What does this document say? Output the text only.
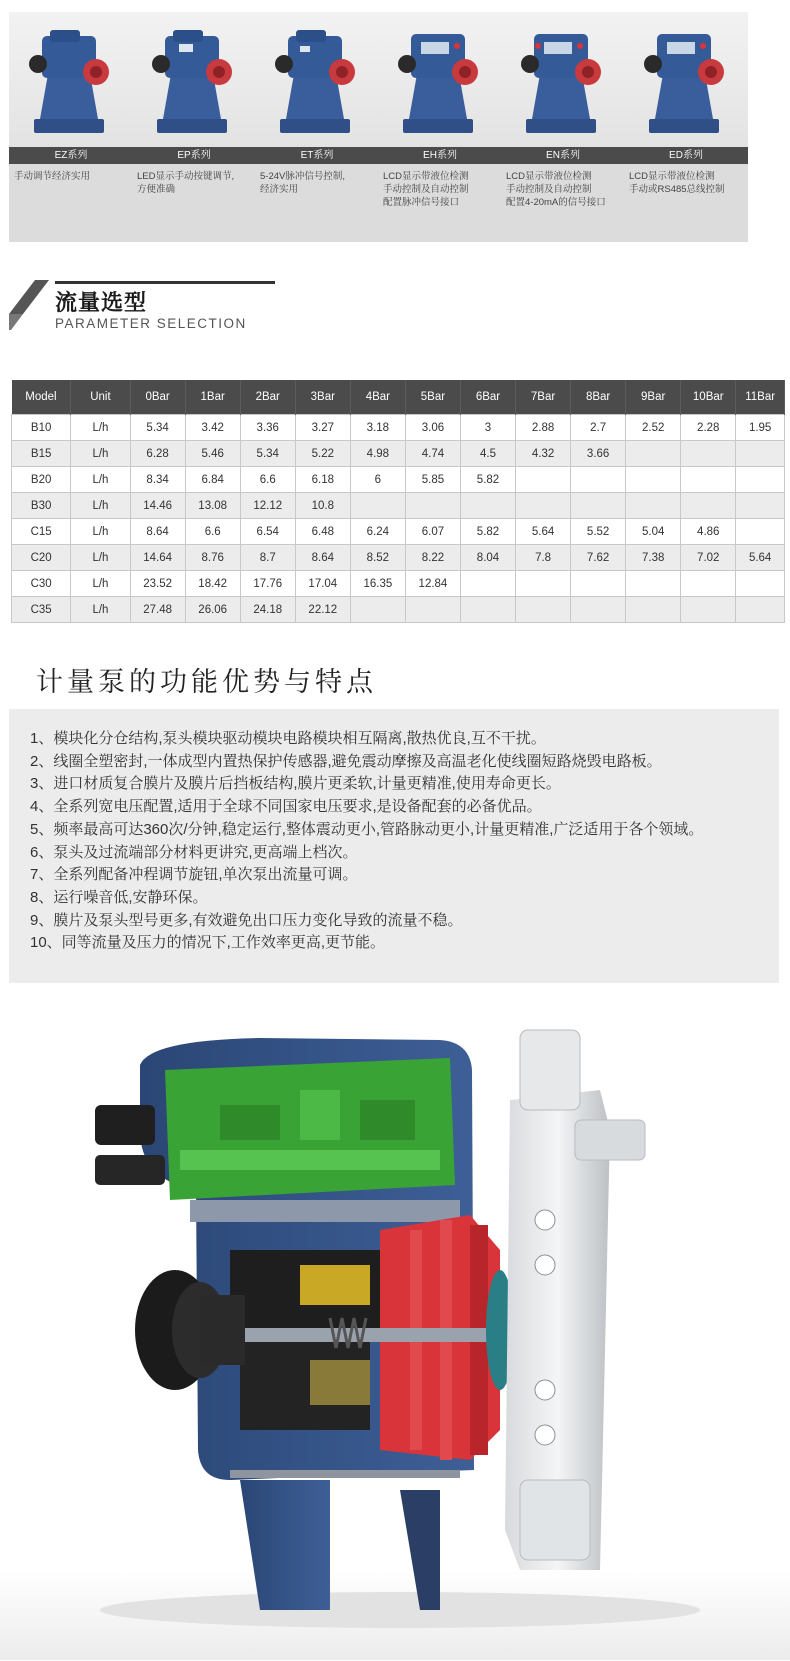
EZ系列
手动调节经济实用
EP系列
LED显示手动按键调节,
方便准确
ET系列
5-24V脉冲信号控制,
经济实用
EH系列
LCD显示带液位检测
手动控制及自动控制
配置脉冲信号接口
EN系列
LCD显示带液位检测
手动控制及自动控制
配置4-20mA的信号接口
ED系列
LCD显示带液位检测
手动或RS485总线控制
流量选型
PARAMETER SELECTION
Model	Unit	0Bar	1Bar	2Bar	3Bar	4Bar	5Bar	6Bar	7Bar	8Bar	9Bar	10Bar	11Bar
B10	L/h	5.34	3.42	3.36	3.27	3.18	3.06	3	2.88	2.7	2.52	2.28	1.95
B15	L/h	6.28	5.46	5.34	5.22	4.98	4.74	4.5	4.32	3.66			
B20	L/h	8.34	6.84	6.6	6.18	6	5.85	5.82					
B30	L/h	14.46	13.08	12.12	10.8								
C15	L/h	8.64	6.6	6.54	6.48	6.24	6.07	5.82	5.64	5.52	5.04	4.86	
C20	L/h	14.64	8.76	8.7	8.64	8.52	8.22	8.04	7.8	7.62	7.38	7.02	5.64
C30	L/h	23.52	18.42	17.76	17.04	16.35	12.84						
C35	L/h	27.48	26.06	24.18	22.12								
计量泵的功能优势与特点
1、模块化分仓结构,泵头模块驱动模块电路模块相互隔离,散热优良,互不干扰。
2、线圈全塑密封,一体成型内置热保护传感器,避免震动摩擦及高温老化使线圈短路烧毁电路板。
3、进口材质复合膜片及膜片后挡板结构,膜片更柔软,计量更精准,使用寿命更长。
4、全系列宽电压配置,适用于全球不同国家电压要求,是设备配套的必备优品。
5、频率最高可达360次/分钟,稳定运行,整体震动更小,管路脉动更小,计量更精准,广泛适用于各个领域。
6、泵头及过流端部分材料更讲究,更高端上档次。
7、全系列配备冲程调节旋钮,单次泵出流量可调。
8、运行噪音低,安静环保。
9、膜片及泵头型号更多,有效避免出口压力变化导致的流量不稳。
10、同等流量及压力的情况下,工作效率更高,更节能。
